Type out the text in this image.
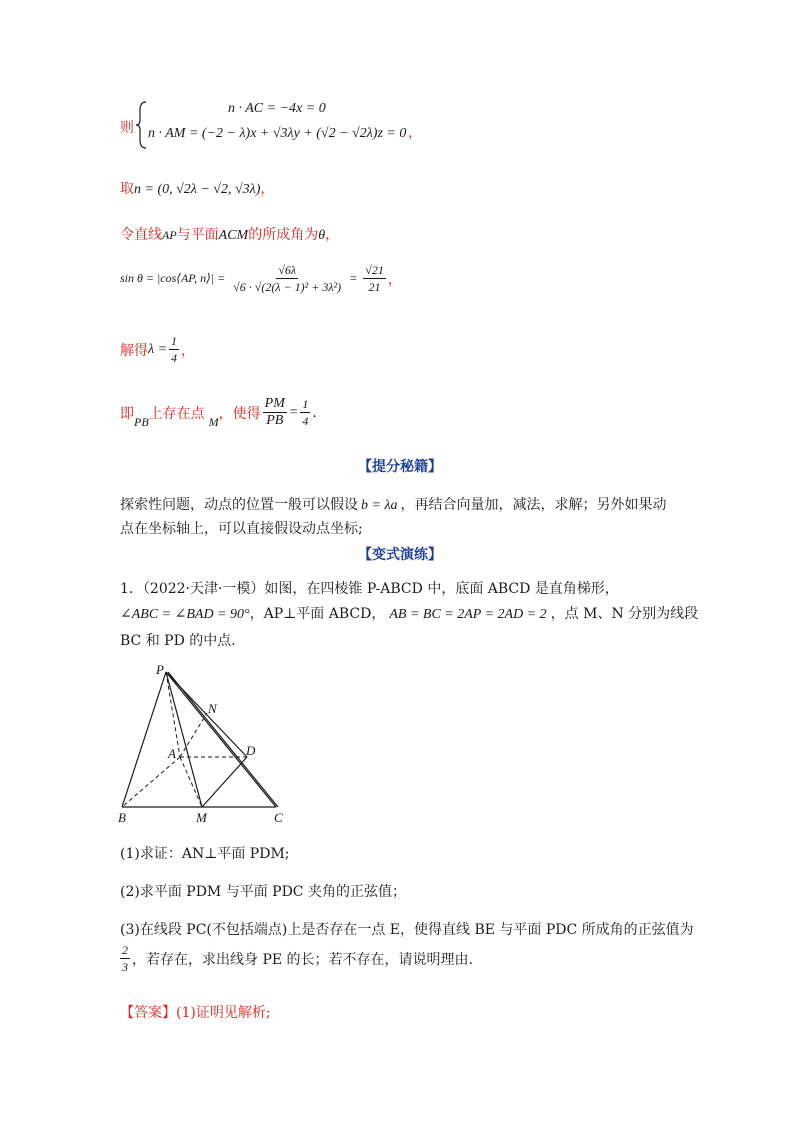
则
n · AC = −4x = 0
n · AM = (−2 − λ)x + √3λy + (√2 − √2λ)z = 0 ，
取n = (0, √2λ − √2, √3λ)，
令直线AP与平面ACM的所成角为θ，
sin θ = |cos⟨AP, n⟩| = $\frac{√6\lambda}{\text{√6 · √(2(λ − 1)² + 3λ²)}} = \frac{√21}{21}$ ，
解得 $\lambda = \frac{1}{4}$ ，
即
PB
上存在点
M
，使得 $\frac{PM}{PB} = \frac{1}{4}$ .
【提分秘籍】
探索性问题，动点的位置一般可以假设 b = λa ，再结合向量加，减法，求解；另外如果动
点在坐标轴上，可以直接假设动点坐标;
【变式演练】
1．（2022·天津·一模）如图，在四棱锥 P-ABCD 中，底面 ABCD 是直角梯形，
∠ABC = ∠BAD = 90°，AP⊥平面 ABCD， AB = BC = 2AP = 2AD = 2 ，点 M、N 分别为线段
BC 和 PD 的中点.
P
N
A	D
B	M	C
(1)求证：AN⊥平面 PDM;
(2)求平面 PDM 与平面 PDC 夹角的正弦值；
(3)在线段 PC(不包括端点)上是否存在一点 E，使得直线 BE 与平面 PDC 所成角的正弦值为
$\frac{2}{3}$ ，若存在，求出线身 PE 的长；若不存在，请说明理由.
【答案】(1)证明见解析;
